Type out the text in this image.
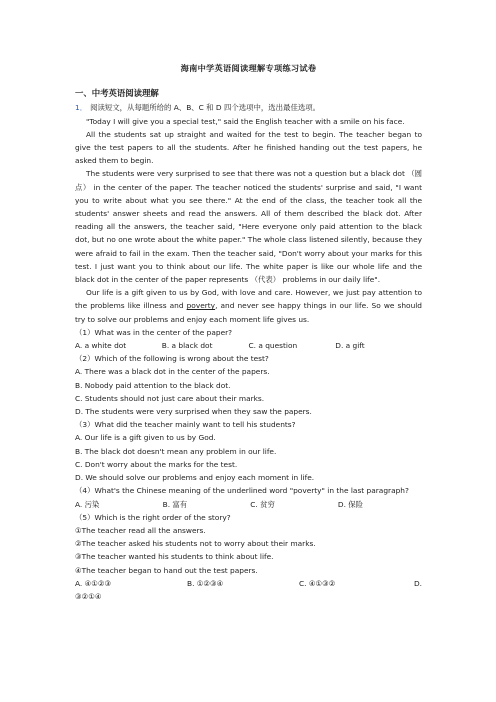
海南中学英语阅读理解专项练习试卷
一、中考英语阅读理解

1． 阅读短文，从每题所给的 A、B、C 和 D 四个选项中，选出最佳选项。

"Today I will give you a special test," said the English teacher with a smile on his face.

All the students sat up straight and waited for the test to begin. The teacher began to give the test papers to all the students. After he finished handing out the test papers, he asked them to begin.

The students were very surprised to see that there was not a question but a black dot （圆点） in the center of the paper. The teacher noticed the students' surprise and said, "I want you to write about what you see there." At the end of the class, the teacher took all the students' answer sheets and read the answers. All of them described the black dot. After reading all the answers, the teacher said, "Here everyone only paid attention to the black dot, but no one wrote about the white paper." The whole class listened silently, because they were afraid to fail in the exam. Then the teacher said, "Don't worry about your marks for this test. I just want you to think about our life. The white paper is like our whole life and the black dot in the center of the paper represents （代表） problems in our daily life".

Our life is a gift given to us by God, with love and care. However, we just pay attention to the problems like illness and poverty, and never see happy things in our life. So we should try to solve our problems and enjoy each moment life gives us.

（1）What was in the center of the paper?

A. a white dot	B. a black dot	C. a question	D. a gift

（2）Which of the following is wrong about the test?

A. There was a black dot in the center of the papers.

B. Nobody paid attention to the black dot.

C. Students should not just care about their marks.

D. The students were very surprised when they saw the papers.

（3）What did the teacher mainly want to tell his students?

A. Our life is a gift given to us by God.

B. The black dot doesn't mean any problem in our life.

C. Don't worry about the marks for the test.

D. We should solve our problems and enjoy each moment in life.

（4）What's the Chinese meaning of the underlined word "poverty" in the last paragraph?

A. 污染	B. 富有	C. 贫穷	D. 保险

（5）Which is the right order of the story?

①The teacher read all the answers.

②The teacher asked his students not to worry about their marks.

③The teacher wanted his students to think about life.

④The teacher began to hand out the test papers.

A. ④①②③	B. ①②③④	C. ④①③②	D.

③②①④
